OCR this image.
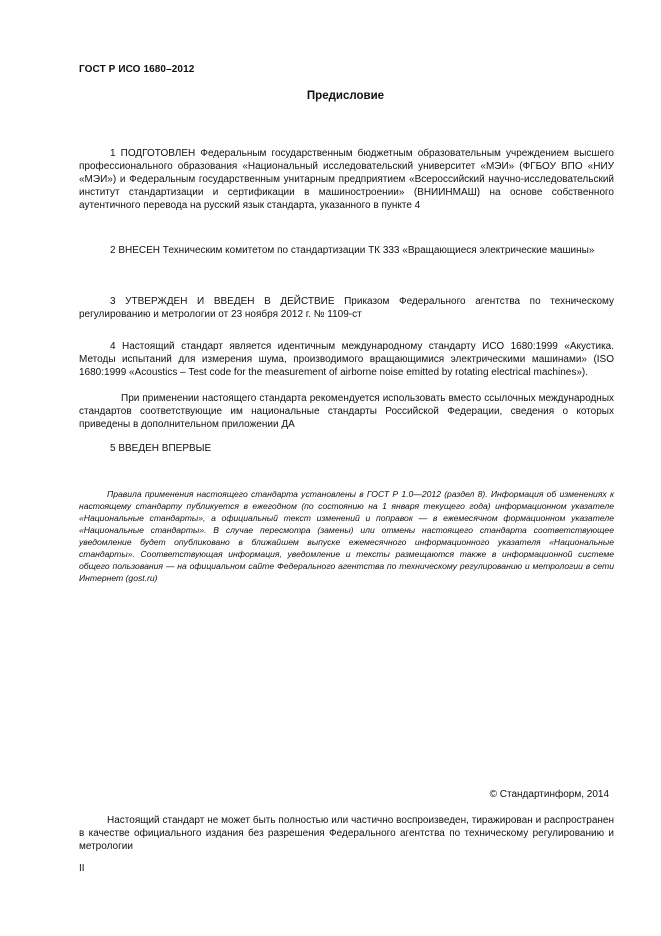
ГОСТ Р ИСО 1680–2012
Предисловие
1 ПОДГОТОВЛЕН Федеральным государственным бюджетным образовательным учреждением высшего профессионального образования «Национальный исследовательский университет «МЭИ» (ФГБОУ ВПО «НИУ «МЭИ») и Федеральным государственным унитарным предприятием «Всероссийский научно-исследовательский институт стандартизации и сертификации в машиностроении» (ВНИИНМАШ) на основе собственного аутентичного перевода на русский язык стандарта, указанного в пункте 4
2 ВНЕСЕН Техническим комитетом по стандартизации ТК 333 «Вращающиеся электрические машины»
3 УТВЕРЖДЕН И ВВЕДЕН В ДЕЙСТВИЕ Приказом Федерального агентства по техническому регулированию и метрологии от 23 ноября 2012 г. № 1109-ст
4 Настоящий стандарт является идентичным международному стандарту ИСО 1680:1999 «Акустика. Методы испытаний для измерения шума, производимого вращающимися электрическими машинами» (ISO 1680:1999 «Acoustics – Test code for the measurement of airborne noise emitted by rotating electrical machines»).
При применении настоящего стандарта рекомендуется использовать вместо ссылочных международных стандартов соответствующие им национальные стандарты Российской Федерации, сведения о которых приведены в дополнительном приложении ДА
5 ВВЕДЕН ВПЕРВЫЕ
Правила применения настоящего стандарта установлены в ГОСТ Р 1.0—2012 (раздел 8). Информация об изменениях к настоящему стандарту публикуется в ежегодном (по состоянию на 1 января текущего года) информационном указателе «Национальные стандарты», а официальный текст изменений и поправок — в ежемесячном формационном указателе «Национальные стандарты». В случае пересмотра (замены) или отмены настоящего стандарта соответствующее уведомление будет опубликовано в ближайшем выпуске ежемесячного информационного указателя «Национальные стандарты». Соответствующая информация, уведомление и тексты размещаются также в информационной системе общего пользования — на официальном сайте Федерального агентства по техническому регулированию и метрологии в сети Интернет (gost.ru)
© Стандартинформ, 2014
Настоящий стандарт не может быть полностью или частично воспроизведен, тиражирован и распространен в качестве официального издания без разрешения Федерального агентства по техническому регулированию и метрологии
II
